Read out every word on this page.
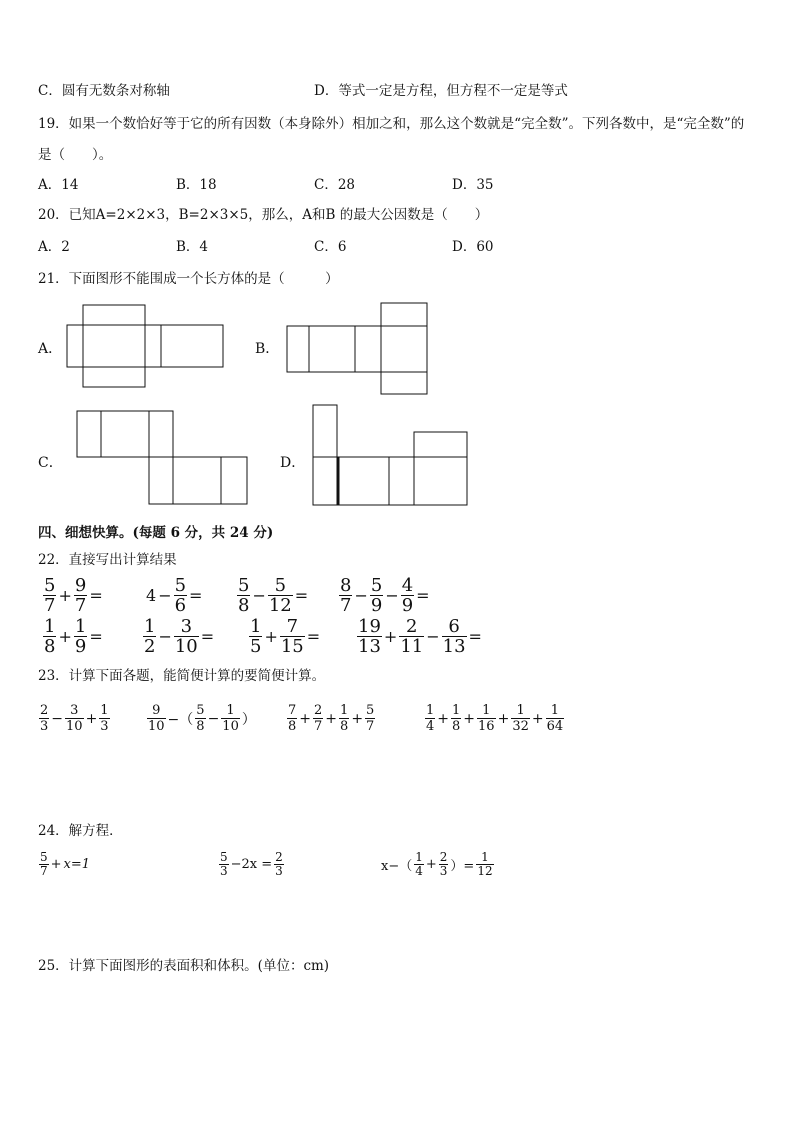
C．圆有无数条对称轴	D．等式一定是方程，但方程不一定是等式
19．如果一个数恰好等于它的所有因数（本身除外）相加之和，那么这个数就是“完全数”。下列各数中，是“完全数”的
是（　　）。
A．14	B．18	C．28	D．35
20．已知A=2×2×3，B=2×3×5，那么，A和B 的最大公因数是（　　）
A．2	B．4	C．6	D．60
21．下面图形不能围成一个长方体的是（　　　）
A．	B．
C．	D．
四、细想快算。(每题 6 分，共 24 分)
22．直接写出计算结果
$\frac{5}{7} + \frac{9}{7}$ =	$4 - \frac{5}{6} = \frac{5}{8} - \frac{5}{12} = \frac{8}{7} - \frac{5}{9} - \frac{4}{9}$ =
$\frac{1}{8} + \frac{1}{9} = \frac{1}{2} - \frac{3}{10} = \frac{1}{5} + \frac{7}{15} = \frac{19}{13} + \frac{2}{11} - \frac{6}{13}$ =
23．计算下面各题，能简便计算的要简便计算。
$\frac{2}{3} - \frac{3}{10} + \frac{1}{3}$	$\frac{9}{10}$ −（ $\frac{5}{8} - \frac{1}{10}$ ） $\frac{7}{8} + \frac{2}{7} + \frac{1}{8} + \frac{5}{7}$	$\frac{1}{4} + \frac{1}{8} + \frac{1}{16} + \frac{1}{32} + \frac{1}{64}$
24．解方程．
$\frac{5}{7} + x=1$	$\frac{5}{3} -2x = \frac{2}{3}$	$x-( \frac{1}{4} + \frac{2}{3}$ ）= $\frac{1}{12}$
25．计算下面图形的表面积和体积。(单位：cm)
